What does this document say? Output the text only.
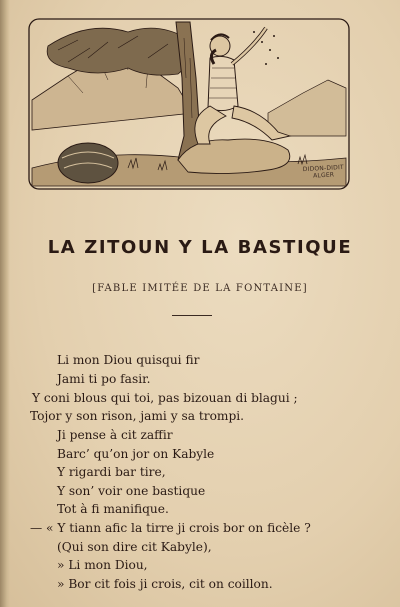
DIDON-DIDIT
ALGER
LA ZITOUN Y LA BASTIQUE
[FABLE IMITÉE DE LA FONTAINE]
Li mon Diou quisqui fir
Jami ti po fasir.
Y coni blous qui toi, pas bizouan di blagui ;
Tojor y son rison, jami y sa trompi.
Ji pense à cit zaffir
Barc’ qu’on jor on Kabyle
Y rigardi bar tire,
Y son’ voir one bastique
Tot à fi manifique.
— « Y tiann afic la tirre ji crois bor on ficèle ?
(Qui son dire cit Kabyle),
» Li mon Diou,
» Bor cit fois ji crois, cit on coillon.
